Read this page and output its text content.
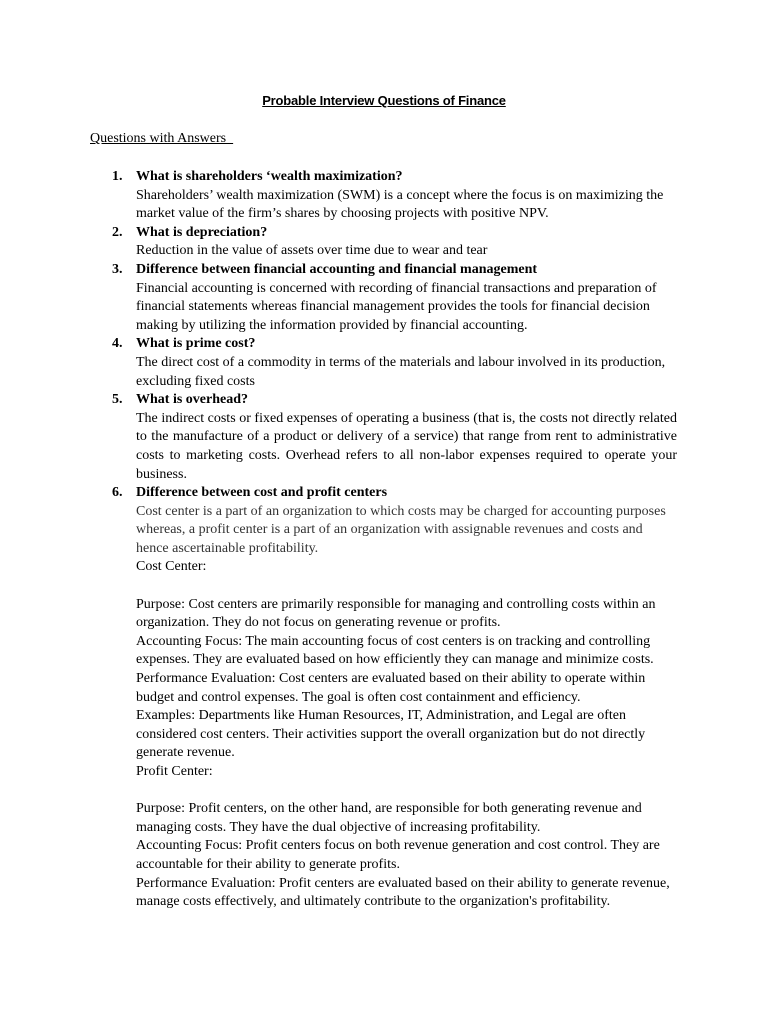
Probable Interview Questions of Finance
Questions with Answers
1. What is shareholders ‘wealth maximization?
Shareholders’ wealth maximization (SWM) is a concept where the focus is on maximizing the market value of the firm’s shares by choosing projects with positive NPV.
2. What is depreciation?
Reduction in the value of assets over time due to wear and tear
3. Difference between financial accounting and financial management
Financial accounting is concerned with recording of financial transactions and preparation of financial statements whereas financial management provides the tools for financial decision making by utilizing the information provided by financial accounting.
4. What is prime cost?
The direct cost of a commodity in terms of the materials and labour involved in its production, excluding fixed costs
5. What is overhead?
The indirect costs or fixed expenses of operating a business (that is, the costs not directly related to the manufacture of a product or delivery of a service) that range from rent to administrative costs to marketing costs. Overhead refers to all non-labor expenses required to operate your business.
6. Difference between cost and profit centers
Cost center is a part of an organization to which costs may be charged for accounting purposes whereas, a profit center is a part of an organization with assignable revenues and costs and hence ascertainable profitability.
Cost Center:
Purpose: Cost centers are primarily responsible for managing and controlling costs within an organization. They do not focus on generating revenue or profits.
Accounting Focus: The main accounting focus of cost centers is on tracking and controlling expenses. They are evaluated based on how efficiently they can manage and minimize costs.
Performance Evaluation: Cost centers are evaluated based on their ability to operate within budget and control expenses. The goal is often cost containment and efficiency.
Examples: Departments like Human Resources, IT, Administration, and Legal are often considered cost centers. Their activities support the overall organization but do not directly generate revenue.
Profit Center:
Purpose: Profit centers, on the other hand, are responsible for both generating revenue and managing costs. They have the dual objective of increasing profitability.
Accounting Focus: Profit centers focus on both revenue generation and cost control. They are accountable for their ability to generate profits.
Performance Evaluation: Profit centers are evaluated based on their ability to generate revenue, manage costs effectively, and ultimately contribute to the organization's profitability.
